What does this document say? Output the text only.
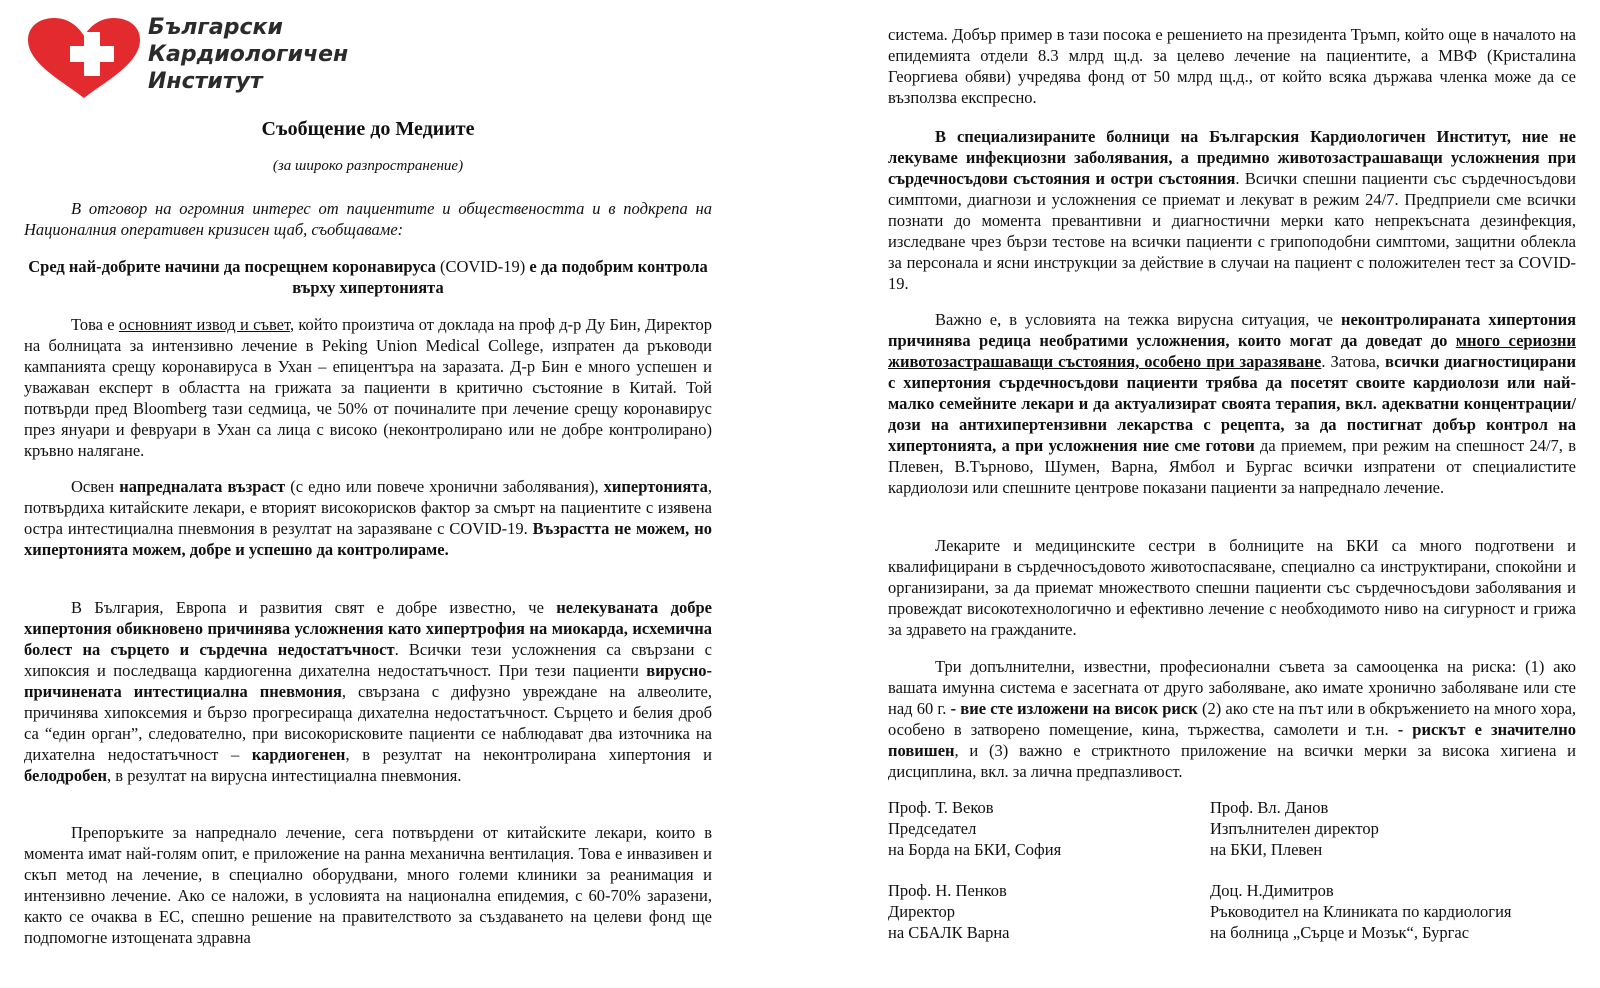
Български
Кардиологичен
Институт
Съобщение до Медиите
(за широко разпространение)

В отговор на огромния интерес от пациентите и обществеността и в подкрепа на Националния оперативен кризисен щаб, съобщаваме:

Сред най-добрите начини да посрещнем коронавируса (COVID-19) е да подобрим контрола върху хипертонията

Това е основният извод и съвет, който произтича от доклада на проф д-р Ду Бин, Директор на болницата за интензивно лечение в Peking Union Medical College, изпратен да ръководи кампанията срещу коронавируса в Ухан – епицентъра на заразата. Д-р Бин е много успешен и уважаван експерт в областта на грижата за пациенти в критично състояние в Китай. Той потвърди пред Bloomberg тази седмица, че 50% от починалите при лечение срещу коронавирус през януари и февруари в Ухан са лица с високо (неконтролирано или не добре контролирано) кръвно налягане.

Освен напредналата възраст (с едно или повече хронични заболявания), хипертонията, потвърдиха китайските лекари, е вторият високорисков фактор за смърт на пациентите с изявена остра интестициална пневмония в резултат на заразяване с COVID-19. Възрастта не можем, но хипертонията можем, добре и успешно да контролираме.

В България, Европа и развития свят е добре известно, че нелекуваната добре хипертония обикновено причинява усложнения като хипертрофия на миокарда, исхемична болест на сърцето и сърдечна недостатъчност. Всички тези усложнения са свързани с хипоксия и последваща кардиогенна дихателна недостатъчност. При тези пациенти вирусно-причинената интестициална пневмония, свързана с дифузно увреждане на алвеолите, причинява хипоксемия и бързо прогресираща дихателна недостатъчност. Сърцето и белия дроб са “един орган”, следователно, при високорисковите пациенти се наблюдават два източника на дихателна недостатъчност – кардиогенен, в резултат на неконтролирана хипертония и белодробен, в резултат на вирусна интестициална пневмония.

Препоръките за напреднало лечение, сега потвърдени от китайските лекари, които в момента имат най-голям опит, е приложение на ранна механична вентилация. Това е инвазивен и скъп метод на лечение, в специално оборудвани, много големи клиники за реанимация и интензивно лечение. Ако се наложи, в условията на национална епидемия, с 60-70% заразени, както се очаква в ЕС, спешно решение на правителството за създаването на целеви фонд ще подпомогне изтощената здравна

система. Добър пример в тази посока е решението на президента Тръмп, който още в началото на епидемията отдели 8.3 млрд щ.д. за целево лечение на пациентите, а МВФ (Кристалина Георгиева обяви) учредява фонд от 50 млрд щ.д., от който всяка държава членка може да се възползва експресно.

В специализираните болници на Българския Кардиологичен Институт, ние не лекуваме инфекциозни заболявания, а предимно животозастрашаващи усложнения при сърдечносъдови състояния и остри състояния. Всички спешни пациенти със сърдечносъдови симптоми, диагнози и усложнения се приемат и лекуват в режим 24/7. Предприели сме всички познати до момента превантивни и диагностични мерки като непрекъсната дезинфекция, изследване чрез бързи тестове на всички пациенти с грипоподобни симптоми, защитни облекла за персонала и ясни инструкции за действие в случаи на пациент с положителен тест за COVID-19.

Важно е, в условията на тежка вирусна ситуация, че неконтролираната хипертония причинява редица необратими усложнения, които могат да доведат до много сериозни животозастрашаващи състояния, особено при заразяване. Затова, всички диагностицирани с хипертония сърдечносъдови пациенти трябва да посетят своите кардиолози или най-малко семейните лекари и да актуализират своята терапия, вкл. адекватни концентрации/дози на антихипертензивни лекарства с рецепта, за да постигнат добър контрол на хипертонията, а при усложнения ние сме готови да приемем, при режим на спешност 24/7, в Плевен, В.Търново, Шумен, Варна, Ямбол и Бургас всички изпратени от специалистите кардиолози или спешните центрове показани пациенти за напреднало лечение.

Лекарите и медицинските сестри в болниците на БКИ са много подготвени и квалифицирани в сърдечносъдовото животоспасяване, специално са инструктирани, спокойни и организирани, за да приемат множеството спешни пациенти със сърдечносъдови заболявания и провеждат високотехнологично и ефективно лечение с необходимото ниво на сигурност и грижа за здравето на гражданите.

Три допълнителни, известни, професионални съвета за самооценка на риска: (1) ако вашата имунна система е засегната от друго заболяване, ако имате хронично заболяване или сте над 60 г. - вие сте изложени на висок риск (2) ако сте на път или в обкръжението на много хора, особено в затворено помещение, кина, тържества, самолети и т.н. - рискът е значително повишен, и (3) важно е стриктното приложение на всички мерки за висока хигиена и дисциплина, вкл. за лична предпазливост.

Проф. Т. Веков
Председател
на Борда на БКИ, София
Проф. Вл. Данов
Изпълнителен директор
на БКИ, Плевен
Проф. Н. Пенков
Директор
на СБАЛК Варна
Доц. Н.Димитров
Ръководител на Клиниката по кардиология
на болница „Сърце и Мозък“, Бургас
